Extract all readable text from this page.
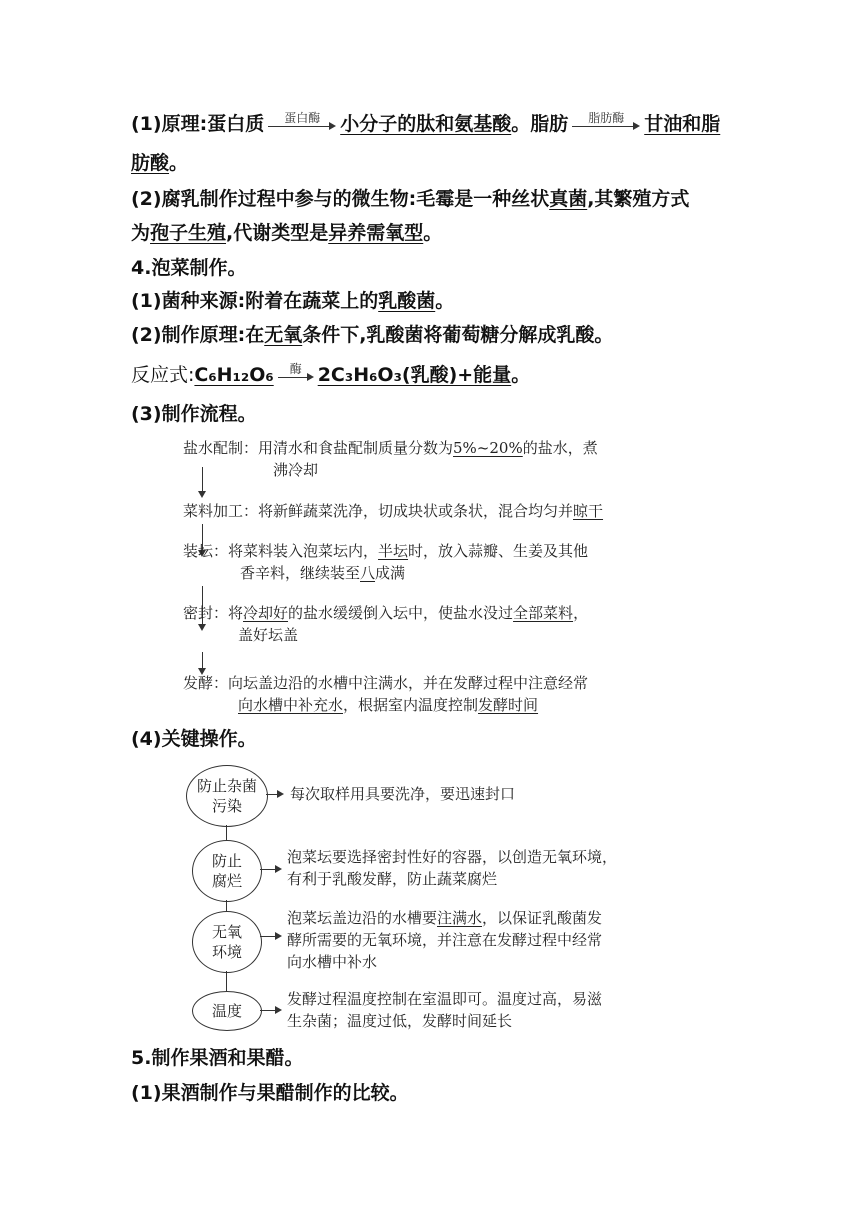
(1)原理:蛋白质	蛋白酶	小分子的肽和氨基酸。脂肪	脂肪酶	甘油和脂
肪酸。
(2)腐乳制作过程中参与的微生物:毛霉是一种丝状真菌,其繁殖方式
为孢子生殖,代谢类型是异养需氧型。
4.泡菜制作。
(1)菌种来源:附着在蔬菜上的乳酸菌。
(2)制作原理:在无氧条件下,乳酸菌将葡萄糖分解成乳酸。
反应式:C₆H₁₂O₆	酶 2C₃H₆O₃(乳酸)+能量。
(3)制作流程。
盐水配制：用清水和食盐配制质量分数为5%~20%的盐水，煮
沸冷却
菜料加工：将新鲜蔬菜洗净，切成块状或条状，混合均匀并晾干
装坛：将菜料装入泡菜坛内，半坛时，放入蒜瓣、生姜及其他
香辛料，继续装至八成满
密封：将冷却好的盐水缓缓倒入坛中，使盐水没过全部菜料，
盖好坛盖
发酵：向坛盖边沿的水槽中注满水，并在发酵过程中注意经常
向水槽中补充水，根据室内温度控制发酵时间
(4)关键操作。
防止杂菌污染
每次取样用具要洗净，要迅速封口
防止腐烂
泡菜坛要选择密封性好的容器，以创造无氧环境，
有利于乳酸发酵，防止蔬菜腐烂
无氧环境
泡菜坛盖边沿的水槽要注满水，以保证乳酸菌发
酵所需要的无氧环境，并注意在发酵过程中经常
向水槽中补水
温度
发酵过程温度控制在室温即可。温度过高，易滋
生杂菌；温度过低，发酵时间延长
5.制作果酒和果醋。
(1)果酒制作与果醋制作的比较。
